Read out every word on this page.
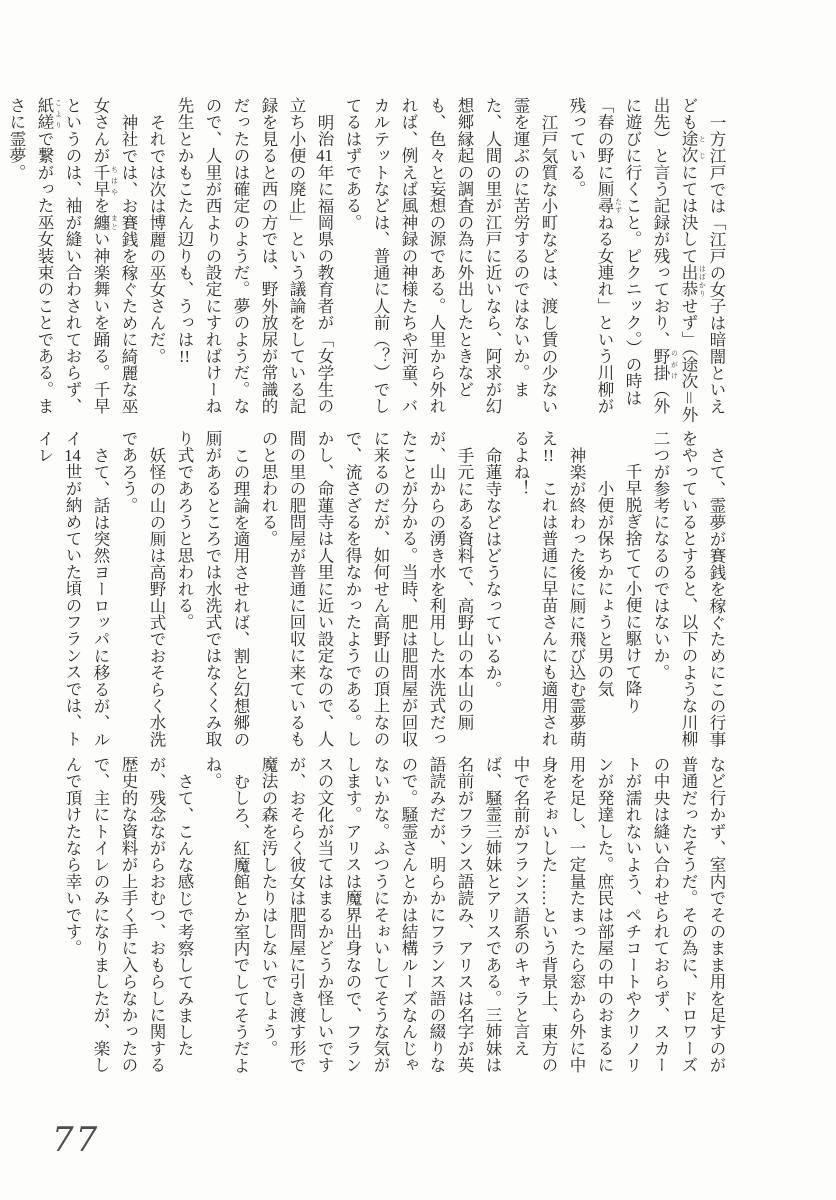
一方江戸では「江戸の女子は暗闇といえども途次 とじにては決して出恭 はばかりせず」（途次＝外出先）と言う記録が残っており、野掛 のがけ（外に遊びに行くこと。ピクニック。）の時は「春の野に厠尋 たずねる女連れ」という川柳が残っている。

江戸気質な小町などは、渡し賃の少ない霊を運ぶのに苦労するのではないか。また、人間の里が江戸に近いなら、阿求が幻想郷縁起の調査の為に外出したときなども、色々と妄想の源である。人里から外れれば、例えば風神録の神様たちや河童、バカルテットなどは、普通に人前（？）でしてるはずである。

明治41年に福岡県の教育者が「女学生の立ち小便の廃止」という議論をしている記録を見ると西の方では、野外放尿が常識的だったのは確定のようだ。夢のようだ。なので、人里が西よりの設定にすればけーね先生とかもこたん辺りも、うっは!!

それでは次は博麗の巫女さんだ。

神社では、お賽銭を稼ぐために綺麗な巫女さんが千早 ちはやを纏 まとい神楽舞いを踊る。千早というのは、袖が縫い合わされておらず、紙縒 こよりで繋がった巫女装束のことである。まさに霊夢。

さて、霊夢が賽銭を稼ぐためにこの行事をやっているとすると、以下のような川柳二つが参考になるのではないか。

千早脱ぎ捨てて小便に駆けて降り

小便が保ちかにょうと男の気

神楽が終わった後に厠に飛び込む霊夢萌え!!　これは普通に早苗さんにも適用されるよね！

命蓮寺などはどうなっているか。

手元にある資料で、高野山の本山の厠が、山からの湧き水を利用した水洗式だったことが分かる。当時、肥は肥問屋が回収に来るのだが、如何せん高野山の頂上なので、流さざるを得なかったようである。しかし、命蓮寺は人里に近い設定なので、人間の里の肥問屋が普通に回収に来ているものと思われる。

この理論を適用させれば、割と幻想郷の厠があるところでは水洗式ではなくくみ取り式であろうと思われる。

妖怪の山の厠は高野山式でおそらく水洗であろう。

さて、話は突然ヨーロッパに移るが、ルイ14世が納めていた頃のフランスでは、トイレ

など行かず、室内でそのまま用を足すのが普通だったそうだ。その為に、ドロワーズの中央は縫い合わせられておらず、スカートが濡れないよう、ペチコートやクリノリンが発達した。庶民は部屋の中のおまるに用を足し、一定量たまったら窓から外に中身をそぉいした……という背景上、東方の中で名前がフランス語系のキャラと言えば、騒霊三姉妹とアリスである。三姉妹は名前がフランス語読み、アリスは名字が英語読みだが、明らかにフランス語の綴りなので。騒霊さんとかは結構ルーズなんじゃないかな。ふつうにそぉいしてそうな気がします。アリスは魔界出身なので、フランスの文化が当てはまるかどうか怪しいですが、おそらく彼女は肥問屋に引き渡す形で魔法の森を汚したりはしないでしょう。

むしろ、紅魔館とか室内でしてそうだよね。

さて、こんな感じで考察してみましたが、残念ながらおむつ、おもらしに関する歴史的な資料が上手く手に入らなかったので、主にトイレのみになりましたが、楽しんで頂けたなら幸いです。

77
